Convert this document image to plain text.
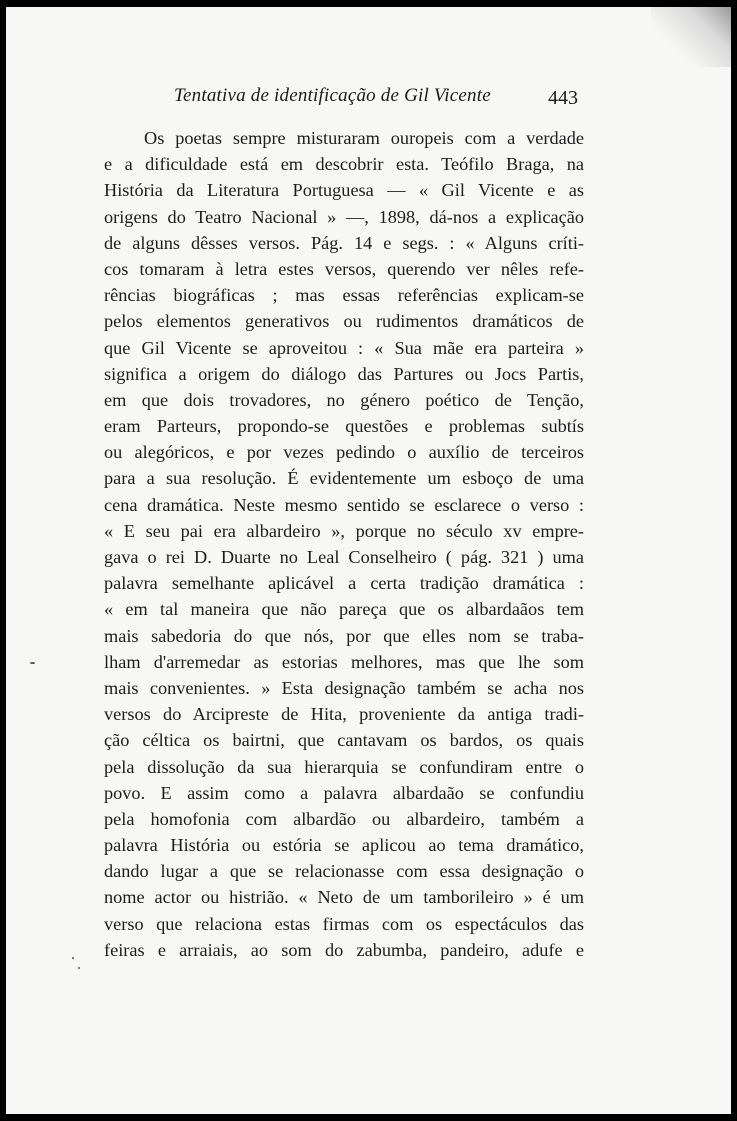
Tentativa de identificação de Gil Vicente	443
Os poetas sempre misturaram ouropeis com a verdade
e a dificuldade está em descobrir esta. Teófilo Braga, na
História da Literatura Portuguesa — « Gil Vicente e as
origens do Teatro Nacional » —, 1898, dá-nos a explicação
de alguns dêsses versos. Pág. 14 e segs. : « Alguns críti-
cos tomaram à letra estes versos, querendo ver nêles refe-
rências biográficas ; mas essas referências explicam-se
pelos elementos generativos ou rudimentos dramáticos de
que Gil Vicente se aproveitou : « Sua mãe era parteira »
significa a origem do diálogo das Partures ou Jocs Partis,
em que dois trovadores, no género poético de Tenção,
eram Parteurs, propondo-se questões e problemas subtís
ou alegóricos, e por vezes pedindo o auxílio de terceiros
para a sua resolução. É evidentemente um esboço de uma
cena dramática. Neste mesmo sentido se esclarece o verso :
« E seu pai era albardeiro », porque no século xv empre-
gava o rei D. Duarte no Leal Conselheiro ( pág. 321 ) uma
palavra semelhante aplicável a certa tradição dramática :
« em tal maneira que não pareça que os albardaãos tem
mais sabedoria do que nós, por que elles nom se traba-
lham d'arremedar as estorias melhores, mas que lhe som
mais convenientes. » Esta designação também se acha nos
versos do Arcipreste de Hita, proveniente da antiga tradi-
ção céltica os bairtni, que cantavam os bardos, os quais
pela dissolução da sua hierarquia se confundiram entre o
povo. E assim como a palavra albardaão se confundiu
pela homofonia com albardão ou albardeiro, também a
palavra História ou estória se aplicou ao tema dramático,
dando lugar a que se relacionasse com essa designação o
nome actor ou histrião. « Neto de um tamborileiro » é um
verso que relaciona estas firmas com os espectáculos das
feiras e arraiais, ao som do zabumba, pandeiro, adufe e
